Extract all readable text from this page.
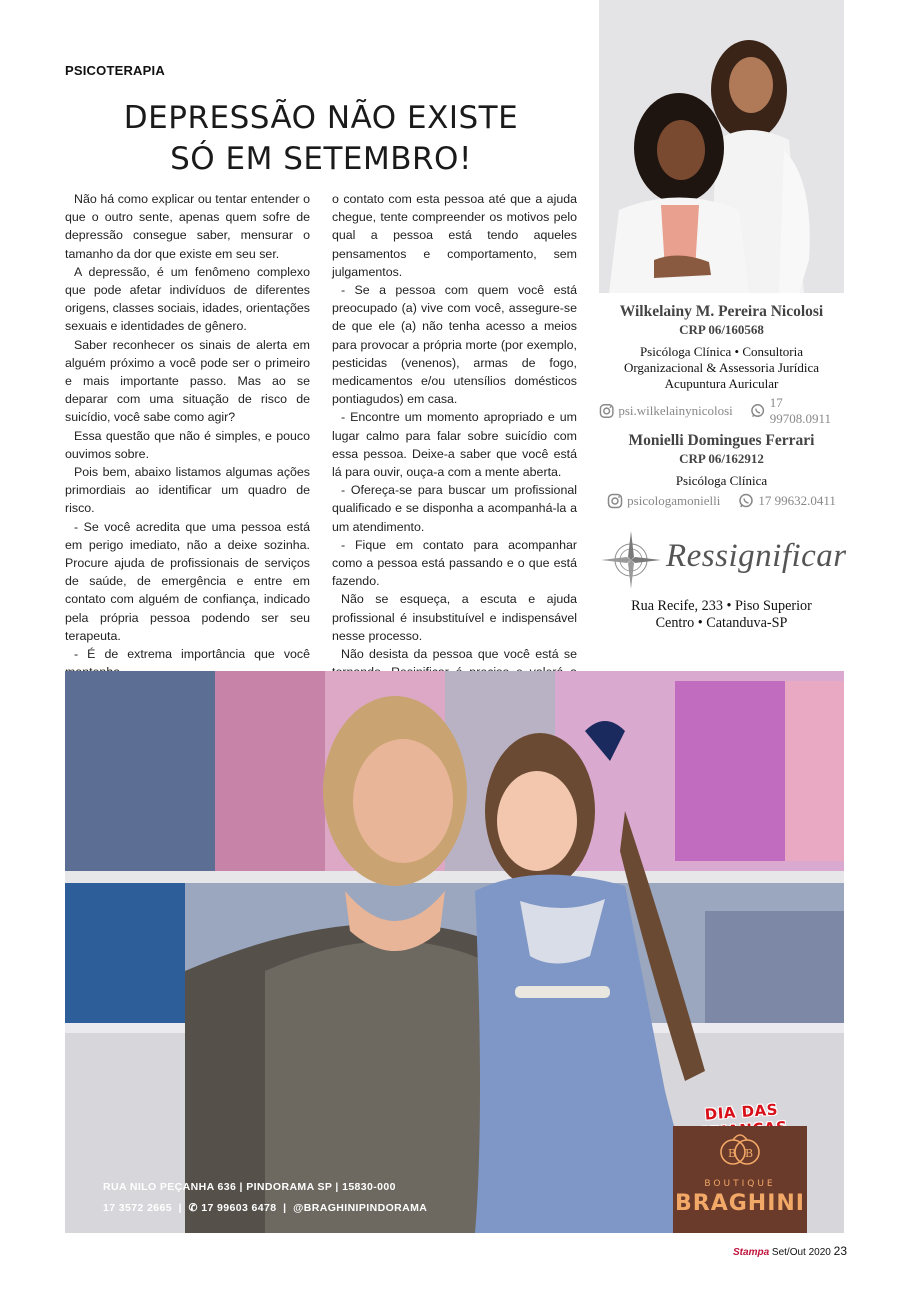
PSICOTERAPIA
DEPRESSÃO NÃO EXISTE
SÓ EM SETEMBRO!

Não há como explicar ou tentar entender o que o outro sente, apenas quem sofre de depressão consegue saber, mensurar o tamanho da dor que existe em seu ser.

A depressão, é um fenômeno complexo que pode afetar indivíduos de diferentes origens, classes sociais, idades, orientações sexuais e identidades de gênero.

Saber reconhecer os sinais de alerta em alguém próximo a você pode ser o primeiro e mais importante passo. Mas ao se deparar com uma situação de risco de suicídio, você sabe como agir?

Essa questão que não é simples, e pouco ouvimos sobre.

Pois bem, abaixo listamos algumas ações primordiais ao identificar um quadro de risco.

- Se você acredita que uma pessoa está em perigo imediato, não a deixe sozinha. Procure ajuda de profissionais de serviços de saúde, de emergência e entre em contato com alguém de confiança, indicado pela própria pessoa podendo ser seu terapeuta.

- É de extrema importância que você

o contato com esta pessoa até que a ajuda chegue, tente compreender os motivos pelo qual a pessoa está tendo aqueles pensamentos e comportamento, sem julgamentos.

- Se a pessoa com quem você está preocupado (a) vive com você, assegure-se de que ele (a) não tenha acesso a meios para provocar a própria morte (por exemplo, pesticidas (venenos), armas de fogo, medicamentos e/ou utensílios domésticos pontiagudos) em casa.

- Encontre um momento apropriado e um lugar calmo para falar sobre suicídio com essa pessoa. Deixe-a saber que você está lá para ouvir, ouça-a com a mente aberta.

- Ofereça-se para buscar um profissional qualificado e se disponha a acompanhá-la a um atendimento.

- Fique em contato para acompanhar como a pessoa está passando e o que está fazendo.

Não se esqueça, a escuta e ajuda profissional é insubstituível e indispensável nesse processo.

Não desista da pessoa que você está se

Wilkelainy M. Pereira Nicolosi
CRP 06/160568
Psicóloga Clínica • Consultoria
Organizacional & Assessoria Jurídica
Acupuntura Auricular
psi.wilkelainynicolosi
17 99708.0911
Monielli Domingues Ferrari
CRP 06/162912
Psicóloga Clínica
psicologamonielli	17 99632.0411
Ressignificar
Rua Recife, 233 • Piso Superior
Centro • Catanduva-SP
RUA NILO PEÇANHA 636 | PINDORAMA SP | 15830-000
17 3572 2665  |  ✆ 17 99603 6478  |  @BRAGHINIPINDORAMA
DIA DAS
B B
BOUTIQUE
BRAGHINI
Stampa Set/Out 2020 23
